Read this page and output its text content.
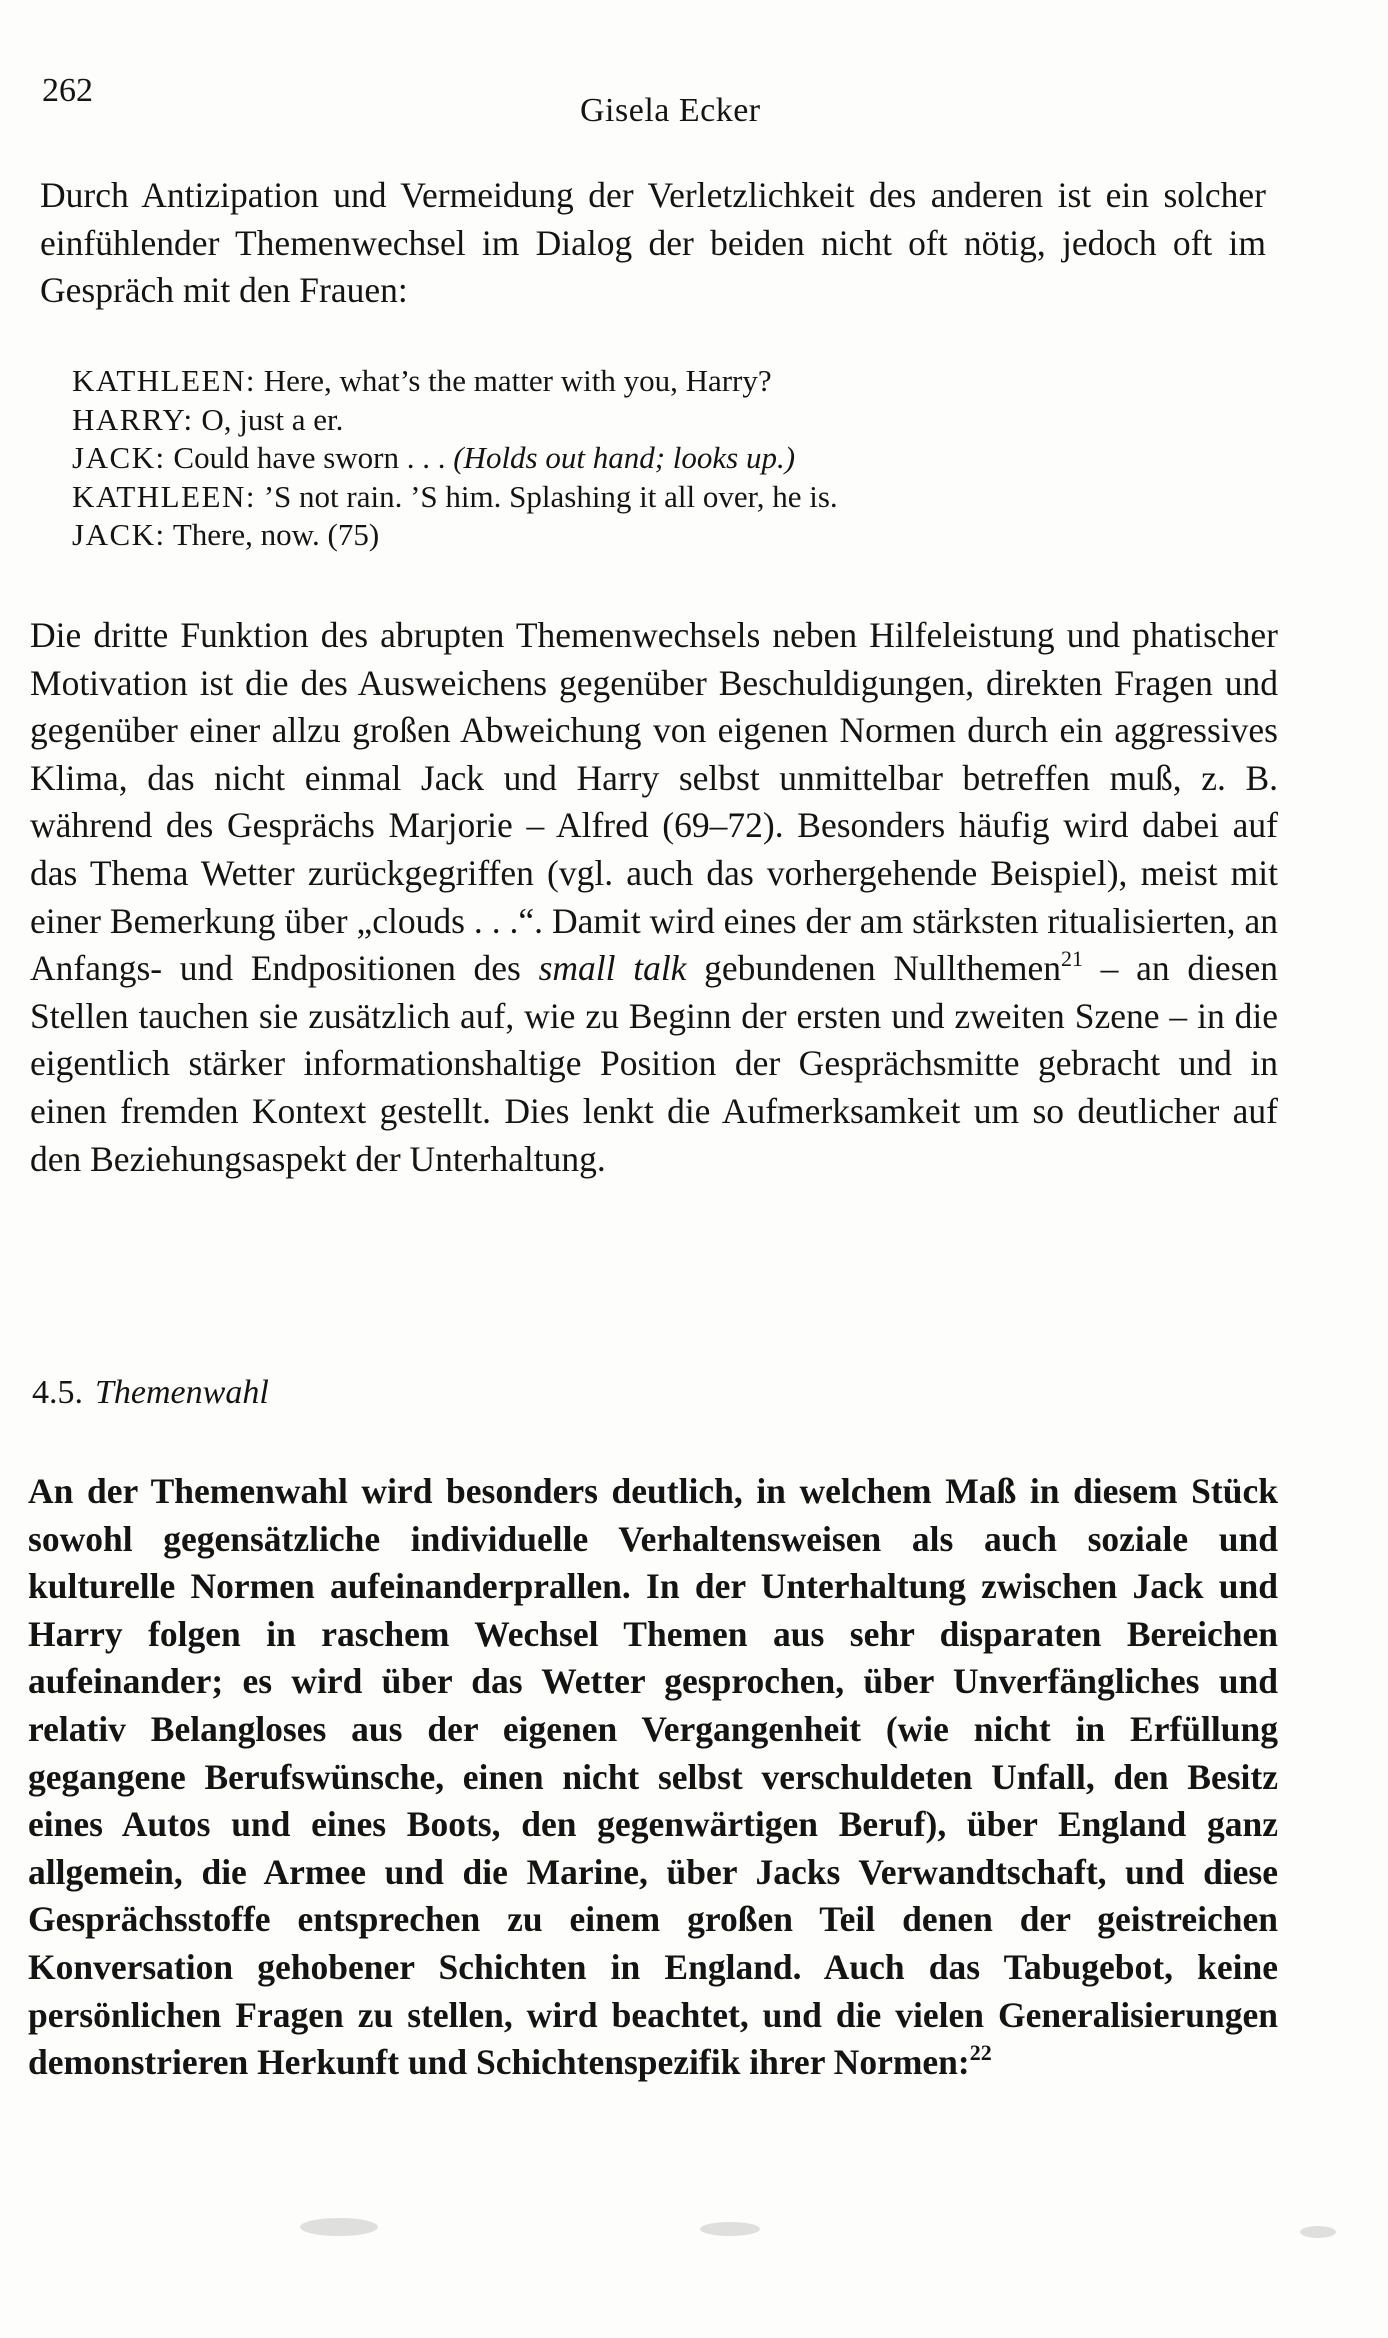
262
Gisela Ecker

Durch Antizipation und Vermeidung der Verletzlichkeit des anderen ist ein solcher einfühlender Themenwechsel im Dialog der beiden nicht oft nötig, jedoch oft im Gespräch mit den Frauen:

KATHLEEN : Here, what’s the matter with you, Harry?
HARRY : O, just a er.
JACK : Could have sworn . . . (Holds out hand; looks up.)
KATHLEEN : ’S not rain. ’S him. Splashing it all over, he is.
JACK : There, now. (75)

Die dritte Funktion des abrupten Themenwechsels neben Hilfeleistung und phatischer Motivation ist die des Ausweichens gegenüber Beschuldigungen, direkten Fragen und gegenüber einer allzu großen Abweichung von eigenen Normen durch ein aggressives Klima, das nicht einmal Jack und Harry selbst unmittelbar betreffen muß, z. B. während des Gesprächs Marjorie – Alfred (69–72). Besonders häufig wird dabei auf das Thema Wetter zurückgegriffen (vgl. auch das vorhergehende Beispiel), meist mit einer Bemerkung über „clouds . . .“. Damit wird eines der am stärksten ritualisierten, an Anfangs- und Endpositionen des small talk gebundenen Nullthemen$^{21}$ – an diesen Stellen tauchen sie zusätzlich auf, wie zu Beginn der ersten und zweiten Szene – in die eigentlich stärker informationshaltige Position der Gesprächsmitte gebracht und in einen fremden Kontext gestellt. Dies lenkt die Aufmerksamkeit um so deutlicher auf den Beziehungsaspekt der Unterhaltung.

4.5. Themenwahl

An der Themenwahl wird besonders deutlich, in welchem Maß in diesem Stück sowohl gegensätzliche individuelle Verhaltensweisen als auch soziale und kulturelle Normen aufeinanderprallen. In der Unterhaltung zwischen Jack und Harry folgen in raschem Wechsel Themen aus sehr disparaten Bereichen aufeinander; es wird über das Wetter gesprochen, über Unverfängliches und relativ Belangloses aus der eigenen Vergangenheit (wie nicht in Erfüllung gegangene Berufswünsche, einen nicht selbst verschuldeten Unfall, den Besitz eines Autos und eines Boots, den gegenwärtigen Beruf), über England ganz allgemein, die Armee und die Marine, über Jacks Verwandtschaft, und diese Gesprächsstoffe entsprechen zu einem großen Teil denen der geistreichen Konversation gehobener Schichten in England. Auch das Tabugebot, keine persönlichen Fragen zu stellen, wird beachtet, und die vielen Generalisierungen demonstrieren Herkunft und Schichtenspezifik ihrer Normen:$^{22}$
